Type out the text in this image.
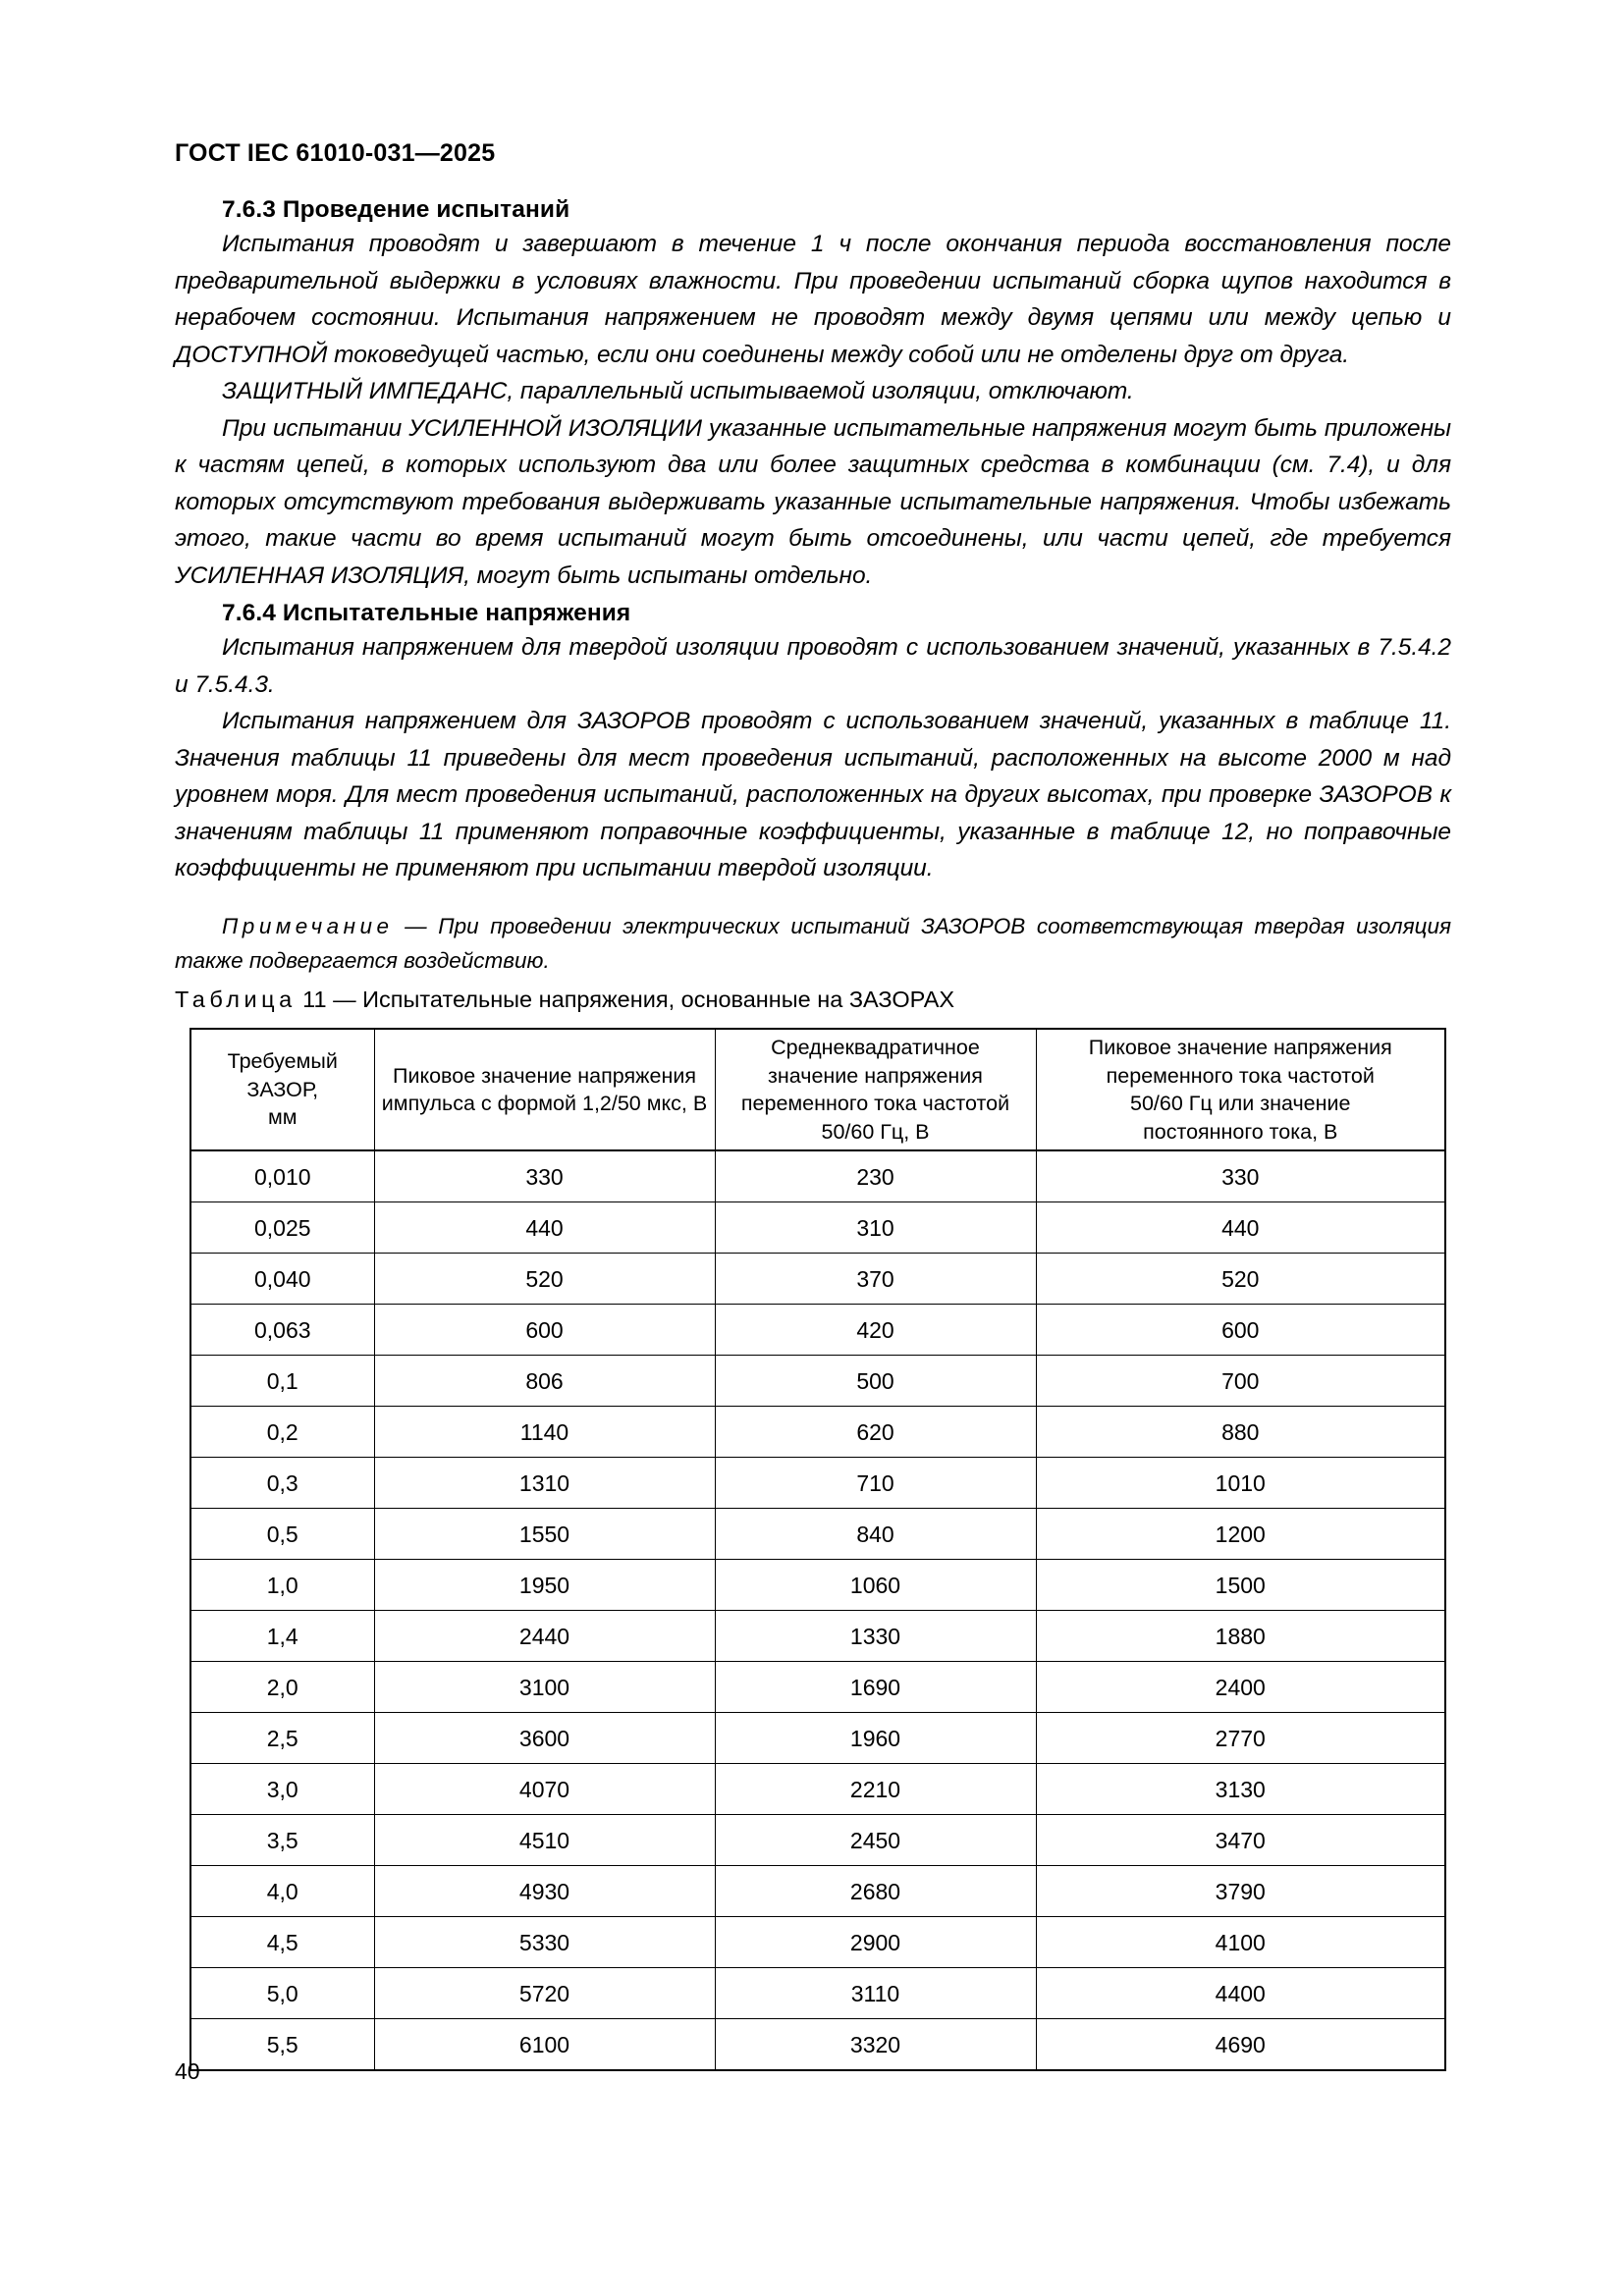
ГОСТ IEC 61010-031—2025
7.6.3 Проведение испытаний

Испытания проводят и завершают в течение 1 ч после окончания периода восстановления после предварительной выдержки в условиях влажности. При проведении испытаний сборка щупов находится в нерабочем состоянии. Испытания напряжением не проводят между двумя цепями или между цепью и ДОСТУПНОЙ токоведущей частью, если они соединены между собой или не отделены друг от друга.

ЗАЩИТНЫЙ ИМПЕДАНС, параллельный испытываемой изоляции, отключают.

При испытании УСИЛЕННОЙ ИЗОЛЯЦИИ указанные испытательные напряжения могут быть приложены к частям цепей, в которых используют два или более защитных средства в комбинации (см. 7.4), и для которых отсутствуют требования выдерживать указанные испытательные напряжения. Чтобы избежать этого, такие части во время испытаний могут быть отсоединены, или части цепей, где требуется УСИЛЕННАЯ ИЗОЛЯЦИЯ, могут быть испытаны отдельно.

7.6.4 Испытательные напряжения

Испытания напряжением для твердой изоляции проводят с использованием значений, указанных в 7.5.4.2 и 7.5.4.3.

Испытания напряжением для ЗАЗОРОВ проводят с использованием значений, указанных в таблице 11. Значения таблицы 11 приведены для мест проведения испытаний, расположенных на высоте 2000 м над уровнем моря. Для мест проведения испытаний, расположенных на других высотах, при проверке ЗАЗОРОВ к значениям таблицы 11 применяют поправочные коэффициенты, указанные в таблице 12, но поправочные коэффициенты не применяют при испытании твердой изоляции.

Примечание — При проведении электрических испытаний ЗАЗОРОВ соответствующая твердая изоляция также подвергается воздействию.

Таблица 11 — Испытательные напряжения, основанные на ЗАЗОРАХ
Требуемый ЗАЗОР,
мм	Пиковое значение напряжения
импульса с формой 1,2/50 мкс, В	Среднеквадратичное
значение напряжения
переменного тока частотой
50/60 Гц, В	Пиковое значение напряжения
переменного тока частотой
50/60 Гц или значение
постоянного тока, В
0,010	330	230	330
0,025	440	310	440
0,040	520	370	520
0,063	600	420	600
0,1	806	500	700
0,2	1140	620	880
0,3	1310	710	1010
0,5	1550	840	1200
1,0	1950	1060	1500
1,4	2440	1330	1880
2,0	3100	1690	2400
2,5	3600	1960	2770
3,0	4070	2210	3130
3,5	4510	2450	3470
4,0	4930	2680	3790
4,5	5330	2900	4100
5,0	5720	3110	4400
5,5	6100	3320	4690
40
